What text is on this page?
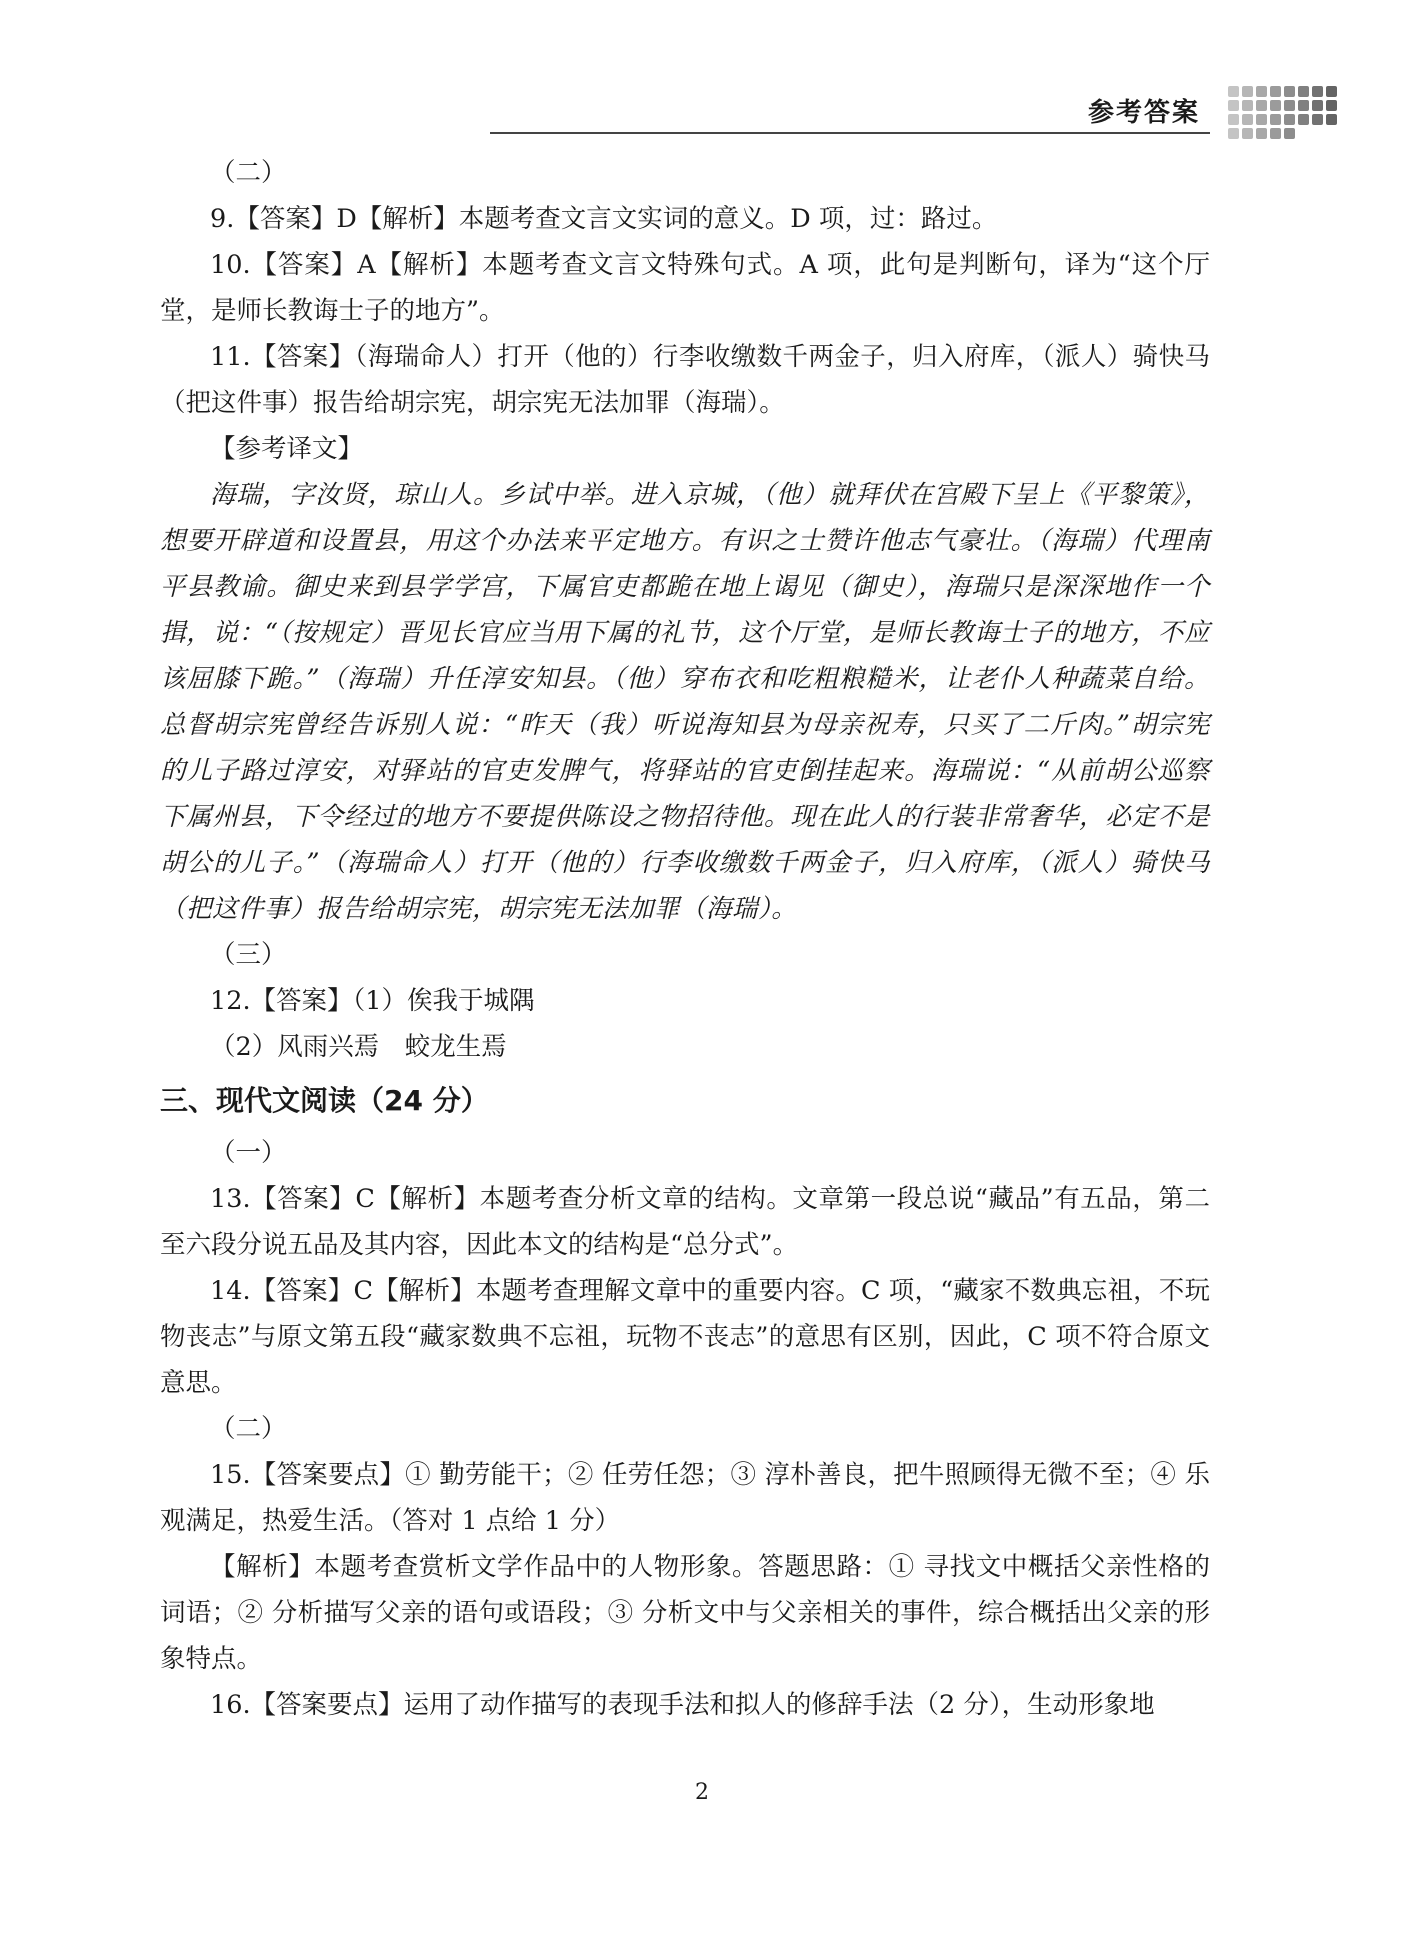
参考答案

（二）

9.【答案】D【解析】本题考查文言文实词的意义。D 项，过：路过。

10.【答案】A【解析】本题考查文言文特殊句式。A 项，此句是判断句，译为“这个厅堂，是师长教诲士子的地方”。

11.【答案】（海瑞命人）打开（他的）行李收缴数千两金子，归入府库，（派人）骑快马（把这件事）报告给胡宗宪，胡宗宪无法加罪（海瑞）。

【参考译文】

海瑞，字汝贤，琼山人。乡试中举。进入京城，（他）就拜伏在宫殿下呈上《平黎策》，想要开辟道和设置县，用这个办法来平定地方。有识之士赞许他志气豪壮。（海瑞）代理南平县教谕。御史来到县学学宫，下属官吏都跪在地上谒见（御史），海瑞只是深深地作一个揖，说：“（按规定）晋见长官应当用下属的礼节，这个厅堂，是师长教诲士子的地方，不应该屈膝下跪。”（海瑞）升任淳安知县。（他）穿布衣和吃粗粮糙米，让老仆人种蔬菜自给。总督胡宗宪曾经告诉别人说：“昨天（我）听说海知县为母亲祝寿，只买了二斤肉。”胡宗宪的儿子路过淳安，对驿站的官吏发脾气，将驿站的官吏倒挂起来。海瑞说：“从前胡公巡察下属州县，下令经过的地方不要提供陈设之物招待他。现在此人的行装非常奢华，必定不是胡公的儿子。”（海瑞命人）打开（他的）行李收缴数千两金子，归入府库，（派人）骑快马（把这件事）报告给胡宗宪，胡宗宪无法加罪（海瑞）。

（三）

12.【答案】（1）俟我于城隅

（2）风雨兴焉　蛟龙生焉

三、现代文阅读（24 分）

（一）

13.【答案】C【解析】本题考查分析文章的结构。文章第一段总说“藏品”有五品，第二至六段分说五品及其内容，因此本文的结构是“总分式”。

14.【答案】C【解析】本题考查理解文章中的重要内容。C 项，“藏家不数典忘祖，不玩物丧志”与原文第五段“藏家数典不忘祖，玩物不丧志”的意思有区别，因此，C 项不符合原文意思。

（二）

15.【答案要点】① 勤劳能干；② 任劳任怨；③ 淳朴善良，把牛照顾得无微不至；④ 乐观满足，热爱生活。（答对 1 点给 1 分）

【解析】本题考查赏析文学作品中的人物形象。答题思路：① 寻找文中概括父亲性格的词语；② 分析描写父亲的语句或语段；③ 分析文中与父亲相关的事件，综合概括出父亲的形象特点。

16.【答案要点】运用了动作描写的表现手法和拟人的修辞手法（2 分），生动形象地

2
